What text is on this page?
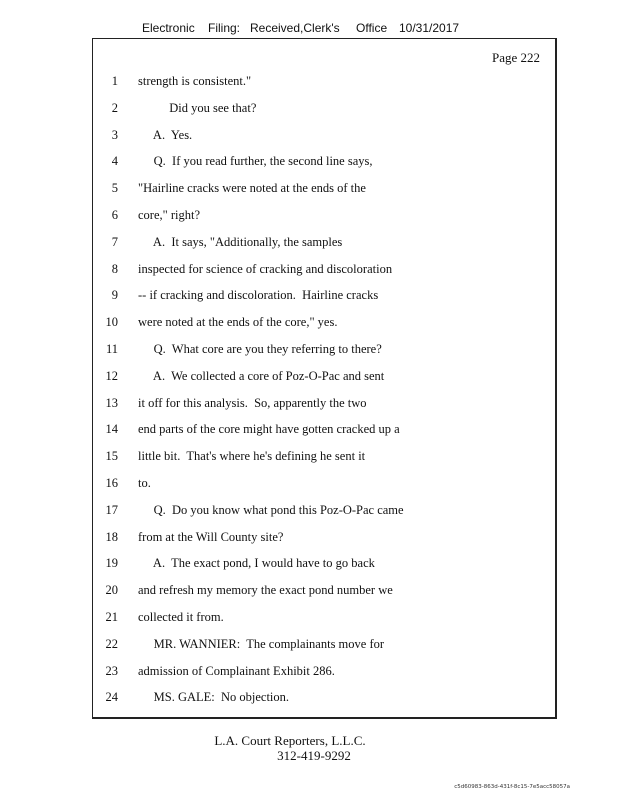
Electronic Filing: Received,Clerk's Office 10/31/2017
Page 222
1 strength is consistent."
2 Did you see that?
3 A.  Yes.
4 Q.  If you read further, the second line says,
5 "Hairline cracks were noted at the ends of the
6 core," right?
7 A.  It says, "Additionally, the samples
8 inspected for science of cracking and discoloration
9 -- if cracking and discoloration.  Hairline cracks
10 were noted at the ends of the core," yes.
11 Q.  What core are you they referring to there?
12 A.  We collected a core of Poz-O-Pac and sent
13 it off for this analysis.  So, apparently the two
14 end parts of the core might have gotten cracked up a
15 little bit.  That's where he's defining he sent it
16 to.
17 Q.  Do you know what pond this Poz-O-Pac came
18 from at the Will County site?
19 A.  The exact pond, I would have to go back
20 and refresh my memory the exact pond number we
21 collected it from.
22 MR. WANNIER:  The complainants move for
23 admission of Complainant Exhibit 286.
24 MS. GALE:  No objection.
L.A. Court Reporters, L.L.C.
312-419-9292
c5d60983-863d-431f-8c15-7e5acc58057a
